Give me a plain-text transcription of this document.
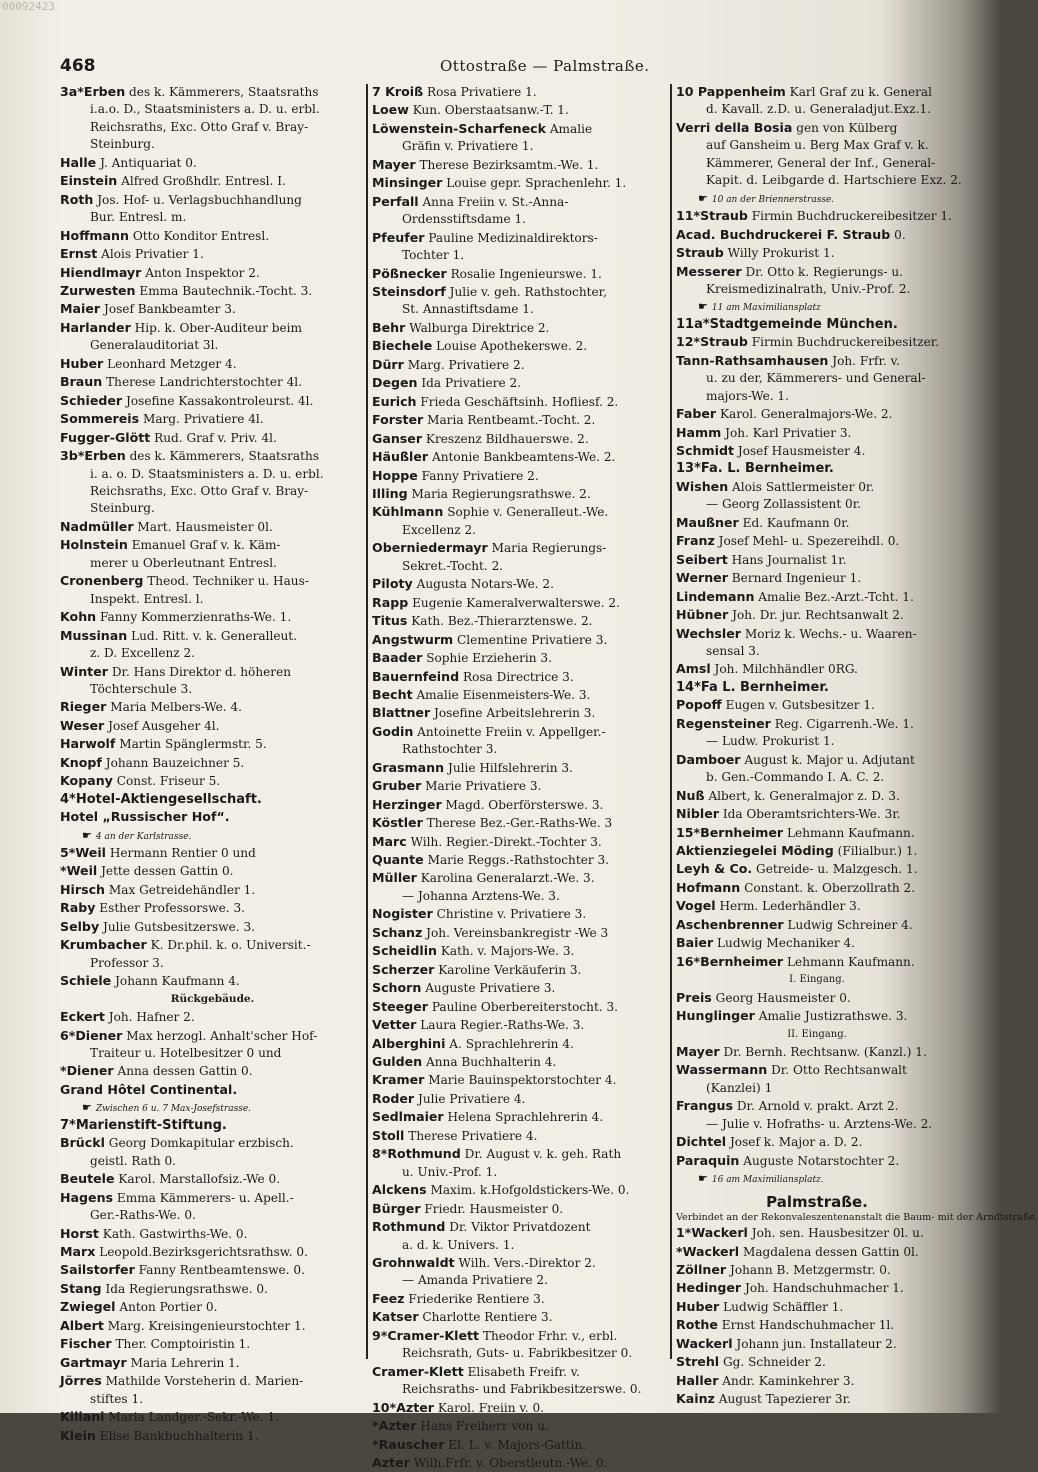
00092423
468	Ottostraße — Palmstraße.
3a*Erben des k. Kämmerers, Staatsraths
i.a.o. D., Staatsministers a. D. u. erbl.
Reichsraths, Exc. Otto Graf v. Bray-
Steinburg.
Halle J. Antiquariat 0.
Einstein Alfred Großhdlr. Entresl. I.
Roth Jos. Hof- u. Verlagsbuchhandlung
Bur. Entresl. m.
Hoffmann Otto Konditor Entresl.
Ernst Alois Privatier 1.
Hiendlmayr Anton Inspektor 2.
Zurwesten Emma Bautechnik.-Tocht. 3.
Maier Josef Bankbeamter 3.
Harlander Hip. k. Ober-Auditeur beim
Generalauditoriat 3l.
Huber Leonhard Metzger 4.
Braun Therese Landrichterstochter 4l.
Schieder Josefine Kassakontroleurst. 4l.
Sommereis Marg. Privatiere 4l.
Fugger-Glött Rud. Graf v. Priv. 4l.
3b*Erben des k. Kämmerers, Staatsraths
i. a. o. D. Staatsministers a. D. u. erbl.
Reichsraths, Exc. Otto Graf v. Bray-
Steinburg.
Nadmüller Mart. Hausmeister 0l.
Holnstein Emanuel Graf v. k. Käm-
merer u Oberleutnant Entresl.
Cronenberg Theod. Techniker u. Haus-
Inspekt. Entresl. l.
Kohn Fanny Kommerzienraths-We. 1.
Mussinan Lud. Ritt. v. k. Generalleut.
z. D. Excellenz 2.
Winter Dr. Hans Direktor d. höheren
Töchterschule 3.
Rieger Maria Melbers-We. 4.
Weser Josef Ausgeher 4l.
Harwolf Martin Spänglermstr. 5.
Knopf Johann Bauzeichner 5.
Kopany Const. Friseur 5.
4*Hotel-Aktiengesellschaft.
Hotel „Russischer Hof“.
☛ 4 an der Karlstrasse.
5*Weil Hermann Rentier 0 und
*Weil Jette dessen Gattin 0.
Hirsch Max Getreidehändler 1.
Raby Esther Professorswe. 3.
Selby Julie Gutsbesitzerswe. 3.
Krumbacher K. Dr.phil. k. o. Universit.-
Professor 3.
Schiele Johann Kaufmann 4.
Rückgebäude.
Eckert Joh. Hafner 2.
6*Diener Max herzogl. Anhalt'scher Hof-
Traiteur u. Hotelbesitzer 0 und
*Diener Anna dessen Gattin 0.
Grand Hôtel Continental.
☛ Zwischen 6 u. 7 Max-Josefstrasse.
7*Marienstift-Stiftung.
Brückl Georg Domkapitular erzbisch.
geistl. Rath 0.
Beutele Karol. Marstallofsiz.-We 0.
Hagens Emma Kämmerers- u. Apell.-
Ger.-Raths-We. 0.
Horst Kath. Gastwirths-We. 0.
Marx Leopold.Bezirksgerichtsrathsw. 0.
Sailstorfer Fanny Rentbeamtenswe. 0.
Stang Ida Regierungsrathswe. 0.
Zwiegel Anton Portier 0.
Albert Marg. Kreisingenieurstochter 1.
Fischer Ther. Comptoiristin 1.
Gartmayr Maria Lehrerin 1.
Jörres Mathilde Vorsteherin d. Marien-
stiftes 1.
Kiliani Maria Landger.-Sekr.-We. 1.
Klein Elise Bankbuchhalterin 1.
7 Kroiß Rosa Privatiere 1.
Loew Kun. Oberstaatsanw.-T. 1.
Löwenstein-Scharfeneck Amalie
Gräfin v. Privatiere 1.
Mayer Therese Bezirksamtm.-We. 1.
Minsinger Louise gepr. Sprachenlehr. 1.
Perfall Anna Freiin v. St.-Anna-
Ordensstiftsdame 1.
Pfeufer Pauline Medizinaldirektors-
Tochter 1.
Pößnecker Rosalie Ingenieurswe. 1.
Steinsdorf Julie v. geh. Rathstochter,
St. Annastiftsdame 1.
Behr Walburga Direktrice 2.
Biechele Louise Apothekerswe. 2.
Dürr Marg. Privatiere 2.
Degen Ida Privatiere 2.
Eurich Frieda Geschäftsinh. Hofliesf. 2.
Forster Maria Rentbeamt.-Tocht. 2.
Ganser Kreszenz Bildhauerswe. 2.
Häußler Antonie Bankbeamtens-We. 2.
Hoppe Fanny Privatiere 2.
Illing Maria Regierungsrathswe. 2.
Kühlmann Sophie v. Generalleut.-We.
Excellenz 2.
Oberniedermayr Maria Regierungs-
Sekret.-Tocht. 2.
Piloty Augusta Notars-We. 2.
Rapp Eugenie Kameralverwalterswe. 2.
Titus Kath. Bez.-Thierarztenswe. 2.
Angstwurm Clementine Privatiere 3.
Baader Sophie Erzieherin 3.
Bauernfeind Rosa Directrice 3.
Becht Amalie Eisenmeisters-We. 3.
Blattner Josefine Arbeitslehrerin 3.
Godin Antoinette Freiin v. Appellger.-
Rathstochter 3.
Grasmann Julie Hilfslehrerin 3.
Gruber Marie Privatiere 3.
Herzinger Magd. Oberförsterswe. 3.
Köstler Therese Bez.-Ger.-Raths-We. 3
Marc Wilh. Regier.-Direkt.-Tochter 3.
Quante Marie Reggs.-Rathstochter 3.
Müller Karolina Generalarzt.-We. 3.
— Johanna Arztens-We. 3.
Nogister Christine v. Privatiere 3.
Schanz Joh. Vereinsbankregistr -We 3
Scheidlin Kath. v. Majors-We. 3.
Scherzer Karoline Verkäuferin 3.
Schorn Auguste Privatiere 3.
Steeger Pauline Oberbereiterstocht. 3.
Vetter Laura Regier.-Raths-We. 3.
Alberghini A. Sprachlehrerin 4.
Gulden Anna Buchhalterin 4.
Kramer Marie Bauinspektorstochter 4.
Roder Julie Privatiere 4.
Sedlmaier Helena Sprachlehrerin 4.
Stoll Therese Privatiere 4.
8*Rothmund Dr. August v. k. geh. Rath
u. Univ.-Prof. 1.
Alckens Maxim. k.Hofgoldstickers-We. 0.
Bürger Friedr. Hausmeister 0.
Rothmund Dr. Viktor Privatdozent
a. d. k. Univers. 1.
Grohnwaldt Wilh. Vers.-Direktor 2.
— Amanda Privatiere 2.
Feez Friederike Rentiere 3.
Katser Charlotte Rentiere 3.
9*Cramer-Klett Theodor Frhr. v., erbl.
Reichsrath, Guts- u. Fabrikbesitzer 0.
Cramer-Klett Elisabeth Freifr. v.
Reichsraths- und Fabrikbesitzerswe. 0.
10*Azter Karol. Freiin v. 0.
*Azter Hans Freiherr von u.
*Rauscher El. L. v. Majors-Gattin.
Azter Wilh.Frfr. v. Oberstleutn.-We. 0.
10 Pappenheim Karl Graf zu k. General
d. Kavall. z.D. u. Generaladjut.Exz.1.
Verri della Bosia gen von Külberg
auf Gansheim u. Berg Max Graf v. k.
Kämmerer, General der Inf., General-
Kapit. d. Leibgarde d. Hartschiere Exz. 2.
☛ 10 an der Briennerstrasse.
11*Straub Firmin Buchdruckereibesitzer 1.
Acad. Buchdruckerei F. Straub 0.
Straub Willy Prokurist 1.
Messerer Dr. Otto k. Regierungs- u.
Kreismedizinalrath, Univ.-Prof. 2.
☛ 11 am Maximiliansplatz
11a*Stadtgemeinde München.
12*Straub Firmin Buchdruckereibesitzer.
Tann-Rathsamhausen Joh. Frfr. v.
u. zu der, Kämmerers- und General-
majors-We. 1.
Faber Karol. Generalmajors-We. 2.
Hamm Joh. Karl Privatier 3.
Schmidt Josef Hausmeister 4.
13*Fa. L. Bernheimer.
Wishen Alois Sattlermeister 0r.
— Georg Zollassistent 0r.
Maußner Ed. Kaufmann 0r.
Franz Josef Mehl- u. Spezereihdl. 0.
Seibert Hans Journalist 1r.
Werner Bernard Ingenieur 1.
Lindemann Amalie Bez.-Arzt.-Tcht. 1.
Hübner Joh. Dr. jur. Rechtsanwalt 2.
Wechsler Moriz k. Wechs.- u. Waaren-
sensal 3.
Amsl Joh. Milchhändler 0RG.
14*Fa L. Bernheimer.
Popoff Eugen v. Gutsbesitzer 1.
Regensteiner Reg. Cigarrenh.-We. 1.
— Ludw. Prokurist 1.
Damboer August k. Major u. Adjutant
b. Gen.-Commando I. A. C. 2.
Nuß Albert, k. Generalmajor z. D. 3.
Nibler Ida Oberamtsrichters-We. 3r.
15*Bernheimer Lehmann Kaufmann.
Aktienziegelei Möding (Filialbur.) 1.
Leyh & Co. Getreide- u. Malzgesch. 1.
Hofmann Constant. k. Oberzollrath 2.
Vogel Herm. Lederhändler 3.
Aschenbrenner Ludwig Schreiner 4.
Baier Ludwig Mechaniker 4.
16*Bernheimer Lehmann Kaufmann.
I. Eingang.
Preis Georg Hausmeister 0.
Hunglinger Amalie Justizrathswe. 3.
II. Eingang.
Mayer Dr. Bernh. Rechtsanw. (Kanzl.) 1.
Wassermann Dr. Otto Rechtsanwalt
(Kanzlei) 1
Frangus Dr. Arnold v. prakt. Arzt 2.
— Julie v. Hofraths- u. Arztens-We. 2.
Dichtel Josef k. Major a. D. 2.
Paraquin Auguste Notarstochter 2.
☛ 16 am Maximiliansplatz.
Palmstraße.
Verbindet an der Rekonvaleszentenanstalt die Baum- mit der Arndtstraße.
1*Wackerl Joh. sen. Hausbesitzer 0l. u.
*Wackerl Magdalena dessen Gattin 0l.
Zöllner Johann B. Metzgermstr. 0.
Hedinger Joh. Handschuhmacher 1.
Huber Ludwig Schäffler 1.
Rothe Ernst Handschuhmacher 1l.
Wackerl Johann jun. Installateur 2.
Strehl Gg. Schneider 2.
Haller Andr. Kaminkehrer 3.
Kainz August Tapezierer 3r.
